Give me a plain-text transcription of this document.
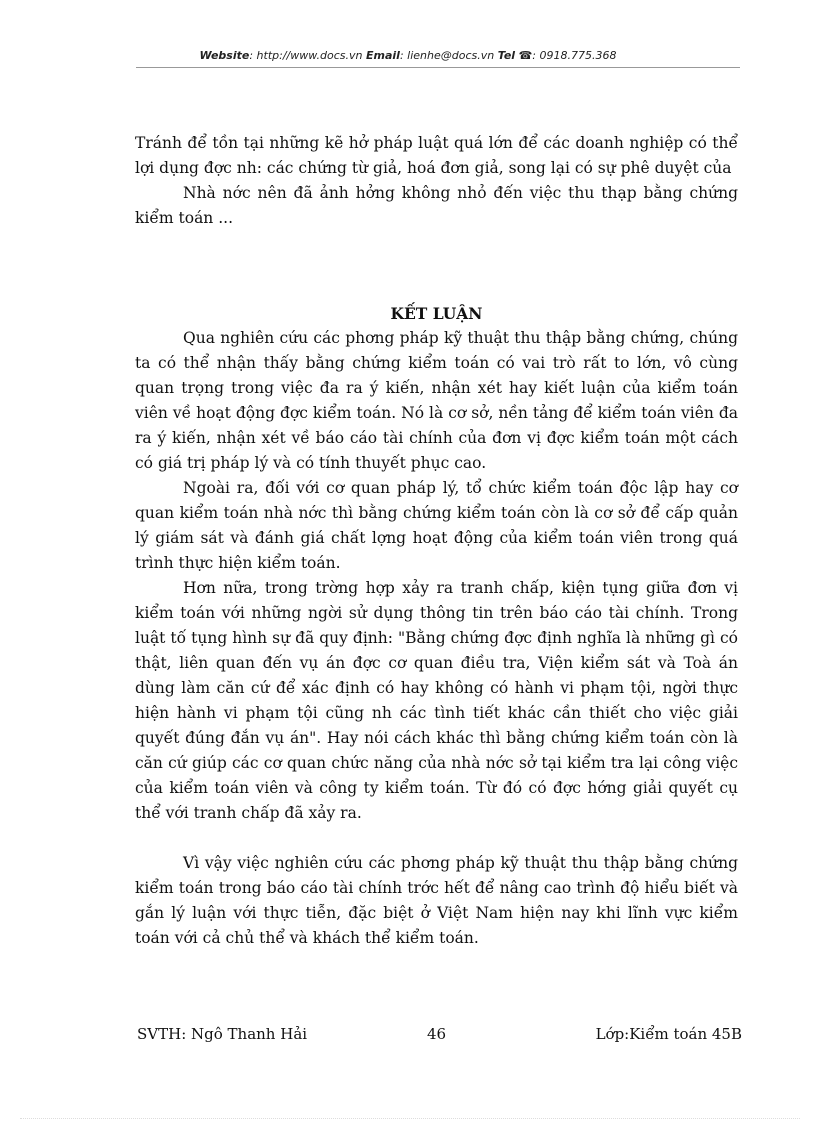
Website: http://www.docs.vn Email: lienhe@docs.vn Tel ☎: 0918.775.368

Tránh để tồn tại những kẽ hở pháp luật quá lớn để các doanh nghiệp có thể lợi dụng đợc nh: các chứng từ giả, hoá đơn giả, song lại có sự phê duyệt của

Nhà nớc nên đã ảnh hởng không nhỏ đến việc thu thạp bằng chứng kiểm toán ...

KẾT LUẬN

Qua nghiên cứu các phơng pháp kỹ thuật thu thập bằng chứng, chúng ta có thể nhận thấy bằng chứng kiểm toán có vai trò rất to lớn, vô cùng quan trọng trong việc đa ra ý kiến, nhận xét hay kiết luận của kiểm toán viên về hoạt động đợc kiểm toán. Nó là cơ sở, nền tảng để kiểm toán viên đa ra ý kiến, nhận xét về báo cáo tài chính của đơn vị đợc kiểm toán một cách có giá trị pháp lý và có tính thuyết phục cao.

Ngoài ra, đối với cơ quan pháp lý, tổ chức kiểm toán độc lập hay cơ quan kiểm toán nhà nớc thì bằng chứng kiểm toán còn là cơ sở để cấp quản lý giám sát và đánh giá chất lợng hoạt động của kiểm toán viên trong quá trình thực hiện kiểm toán.

Hơn nữa, trong trờng hợp xảy ra tranh chấp, kiện tụng giữa đơn vị kiểm toán với những ngời sử dụng thông tin trên báo cáo tài chính. Trong luật tố tụng hình sự đã quy định: "Bằng chứng đợc định nghĩa là những gì có thật, liên quan đến vụ án đợc cơ quan điều tra, Viện kiểm sát và Toà án dùng làm căn cứ để xác định có hay không có hành vi phạm tội, ngời thực hiện hành vi phạm tội cũng nh các tình tiết khác cần thiết cho việc giải quyết đúng đắn vụ án". Hay nói cách khác thì bằng chứng kiểm toán còn là căn cứ giúp các cơ quan chức năng của nhà nớc sở tại kiểm tra lại công việc của kiểm toán viên và công ty kiểm toán. Từ đó có đợc hớng giải quyết cụ thể với tranh chấp đã xảy ra.

Vì vậy việc nghiên cứu các phơng pháp kỹ thuật thu thập bằng chứng kiểm toán trong báo cáo tài chính trớc hết để nâng cao trình độ hiểu biết và gắn lý luận với thực tiễn, đặc biệt ở Việt Nam hiện nay khi lĩnh vực kiểm toán với cả chủ thể và khách thể kiểm toán.

SVTH: Ngô Thanh Hải	46	Lớp:Kiểm toán 45B
